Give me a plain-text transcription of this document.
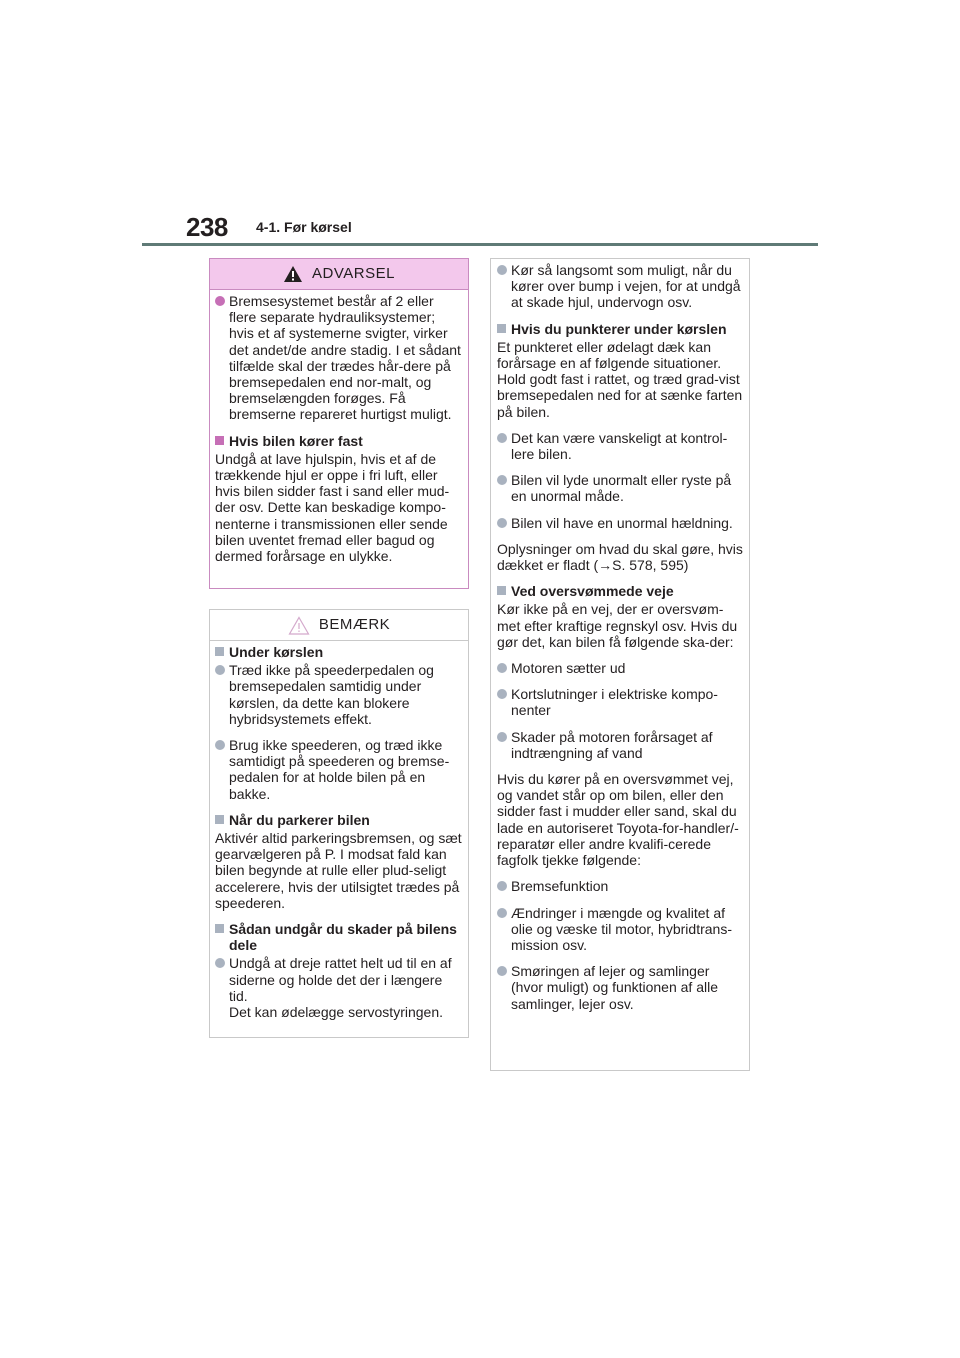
238 4-1. Før kørsel
ADVARSEL
Bremsesystemet består af 2 eller flere separate hydrauliksystemer; hvis et af systemerne svigter, virker det andet/de andre stadig. I et sådant tilfælde skal der trædes hår-dere på bremsepedalen end nor-malt, og bremselængden forøges. Få bremserne repareret hurtigst muligt.
Hvis bilen kører fast
Undgå at lave hjulspin, hvis et af de trækkende hjul er oppe i fri luft, eller hvis bilen sidder fast i sand eller mud-der osv. Dette kan beskadige kompo-nenterne i transmissionen eller sende bilen uventet fremad eller bagud og dermed forårsage en ulykke.
BEMÆRK
Under kørslen
Træd ikke på speederpedalen og bremsepedalen samtidig under kørslen, da dette kan blokere hybridsystemets effekt.
Brug ikke speederen, og træd ikke samtidigt på speederen og bremse-pedalen for at holde bilen på en bakke.
Når du parkerer bilen
Aktivér altid parkeringsbremsen, og sæt gearvælgeren på P. I modsat fald kan bilen begynde at rulle eller plud-seligt accelerere, hvis der utilsigtet trædes på speederen.
Sådan undgår du skader på bilens dele
Undgå at dreje rattet helt ud til en af siderne og holde det der i længere tid.
Det kan ødelægge servostyringen.
Kør så langsomt som muligt, når du kører over bump i vejen, for at undgå at skade hjul, undervogn osv.
Hvis du punkterer under kørslen
Et punkteret eller ødelagt dæk kan forårsage en af følgende situationer. Hold godt fast i rattet, og træd grad-vist bremsepedalen ned for at sænke farten på bilen.
Det kan være vanskeligt at kontrol-lere bilen.
Bilen vil lyde unormalt eller ryste på en unormal måde.
Bilen vil have en unormal hældning.
Oplysninger om hvad du skal gøre, hvis dækket er fladt (→S. 578, 595)
Ved oversvømmede veje
Kør ikke på en vej, der er oversvøm-met efter kraftige regnskyl osv. Hvis du gør det, kan bilen få følgende ska-der:
Motoren sætter ud
Kortslutninger i elektriske kompo-nenter
Skader på motoren forårsaget af indtrængning af vand
Hvis du kører på en oversvømmet vej, og vandet står op om bilen, eller den sidder fast i mudder eller sand, skal du lade en autoriseret Toyota-for-handler/-reparatør eller andre kvalifi-cerede fagfolk tjekke følgende:
Bremsefunktion
Ændringer i mængde og kvalitet af olie og væske til motor, hybridtrans-mission osv.
Smøringen af lejer og samlinger (hvor muligt) og funktionen af alle samlinger, lejer osv.
